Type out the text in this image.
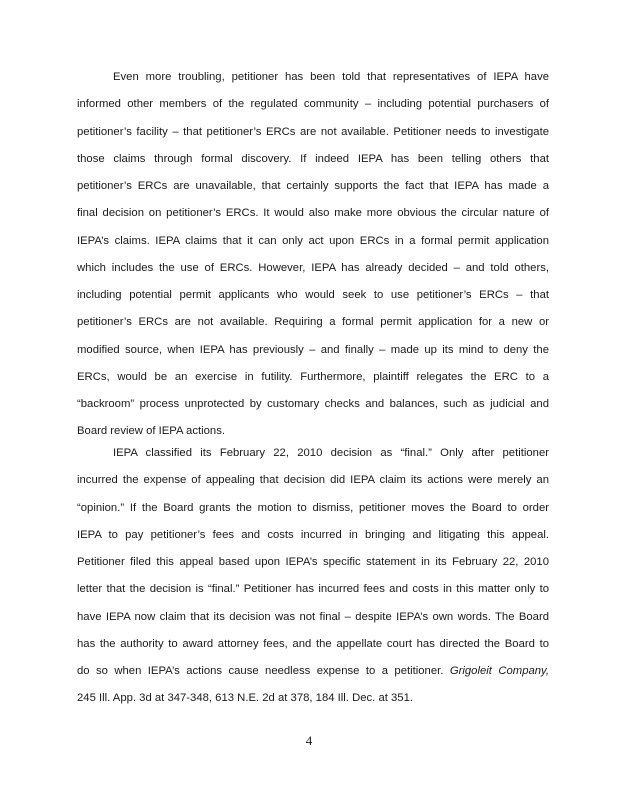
Even more troubling, petitioner has been told that representatives of IEPA have
informed other members of the regulated community – including potential purchasers of
petitioner’s facility – that petitioner’s ERCs are not available. Petitioner needs to investigate
those claims through formal discovery. If indeed IEPA has been telling others that
petitioner’s ERCs are unavailable, that certainly supports the fact that IEPA has made a
final decision on petitioner’s ERCs. It would also make more obvious the circular nature of
IEPA’s claims. IEPA claims that it can only act upon ERCs in a formal permit application
which includes the use of ERCs. However, IEPA has already decided – and told others,
including potential permit applicants who would seek to use petitioner’s ERCs – that
petitioner’s ERCs are not available. Requiring a formal permit application for a new or
modified source, when IEPA has previously – and finally – made up its mind to deny the
ERCs, would be an exercise in futility. Furthermore, plaintiff relegates the ERC to a
“backroom” process unprotected by customary checks and balances, such as judicial and
Board review of IEPA actions.
IEPA classified its February 22, 2010 decision as “final.” Only after petitioner
incurred the expense of appealing that decision did IEPA claim its actions were merely an
“opinion.” If the Board grants the motion to dismiss, petitioner moves the Board to order
IEPA to pay petitioner’s fees and costs incurred in bringing and litigating this appeal.
Petitioner filed this appeal based upon IEPA’s specific statement in its February 22, 2010
letter that the decision is “final.” Petitioner has incurred fees and costs in this matter only to
have IEPA now claim that its decision was not final – despite IEPA’s own words. The Board
has the authority to award attorney fees, and the appellate court has directed the Board to
do so when IEPA’s actions cause needless expense to a petitioner. Grigoleit Company,
245 Ill. App. 3d at 347-348, 613 N.E. 2d at 378, 184 Ill. Dec. at 351.
4
